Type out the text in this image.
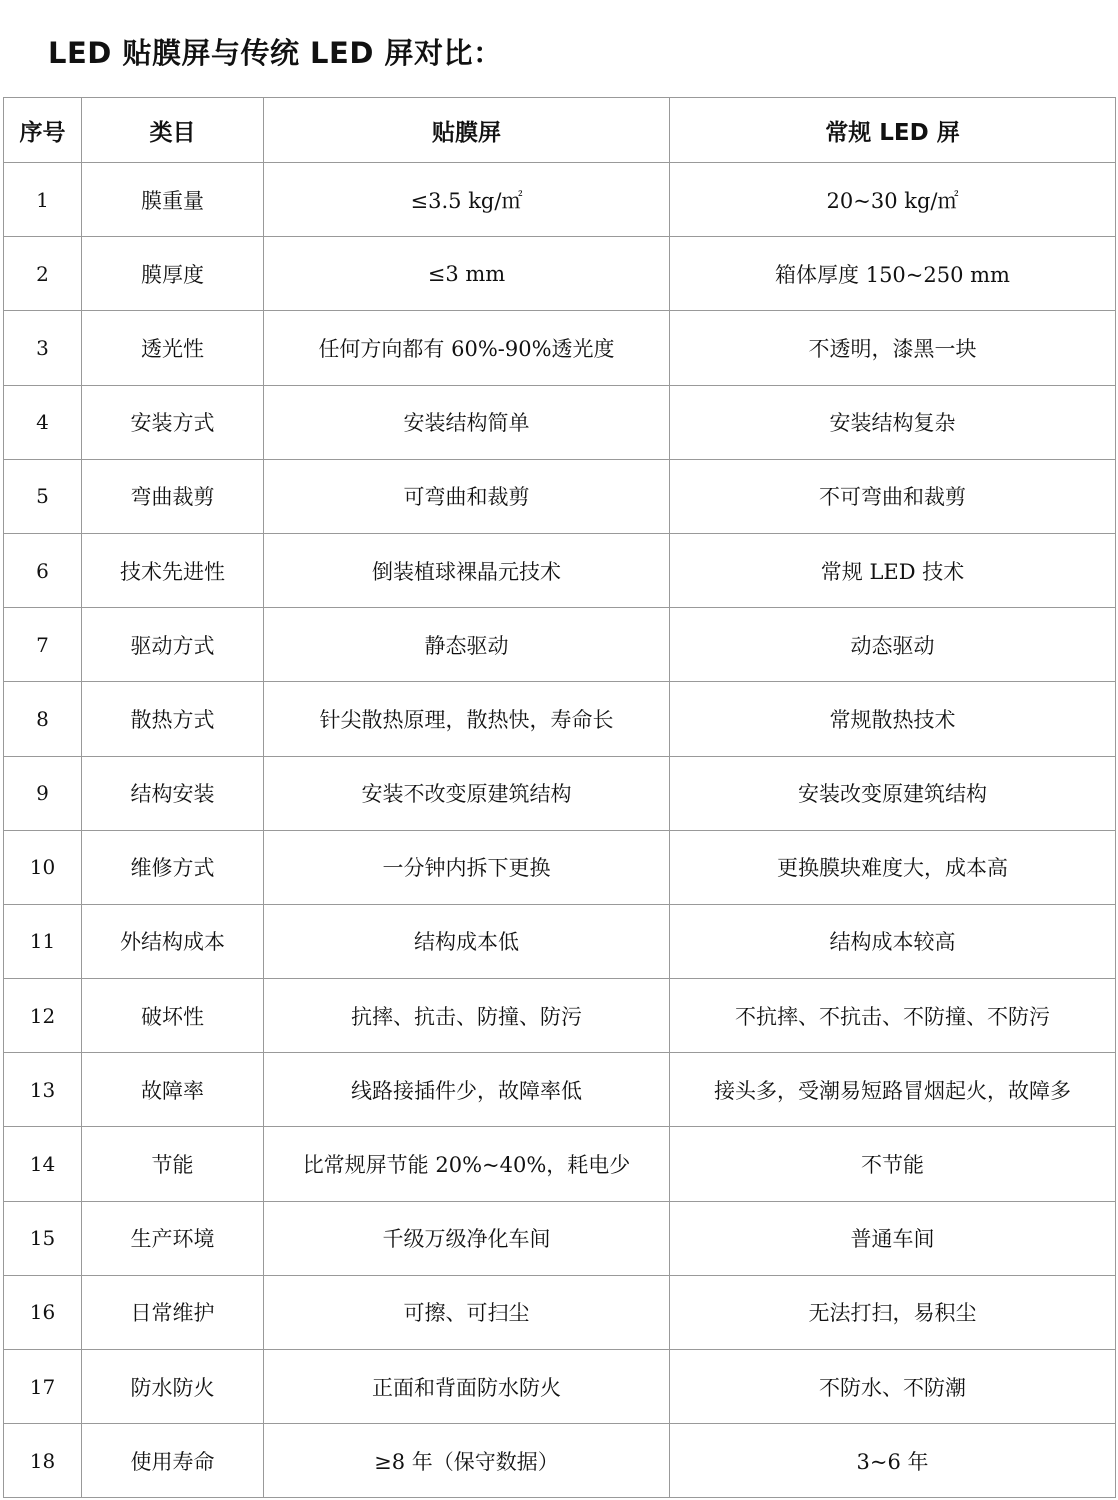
LED 贴膜屏与传统 LED 屏对比：
序号	类目	贴膜屏	常规 LED 屏
1	膜重量	≤3.5 kg/㎡	20~30 kg/㎡
2	膜厚度	≤3 mm	箱体厚度 150~250 mm
3	透光性	任何方向都有 60%-90%透光度	不透明，漆黑一块
4	安装方式	安装结构简单	安装结构复杂
5	弯曲裁剪	可弯曲和裁剪	不可弯曲和裁剪
6	技术先进性	倒装植球裸晶元技术	常规 LED 技术
7	驱动方式	静态驱动	动态驱动
8	散热方式	针尖散热原理，散热快，寿命长	常规散热技术
9	结构安装	安装不改变原建筑结构	安装改变原建筑结构
10	维修方式	一分钟内拆下更换	更换膜块难度大，成本高
11	外结构成本	结构成本低	结构成本较高
12	破坏性	抗摔、抗击、防撞、防污	不抗摔、不抗击、不防撞、不防污
13	故障率	线路接插件少，故障率低	接头多，受潮易短路冒烟起火，故障多
14	节能	比常规屏节能 20%~40%，耗电少	不节能
15	生产环境	千级万级净化车间	普通车间
16	日常维护	可擦、可扫尘	无法打扫，易积尘
17	防水防火	正面和背面防水防火	不防水、不防潮
18	使用寿命	≥8 年（保守数据）	3~6 年
